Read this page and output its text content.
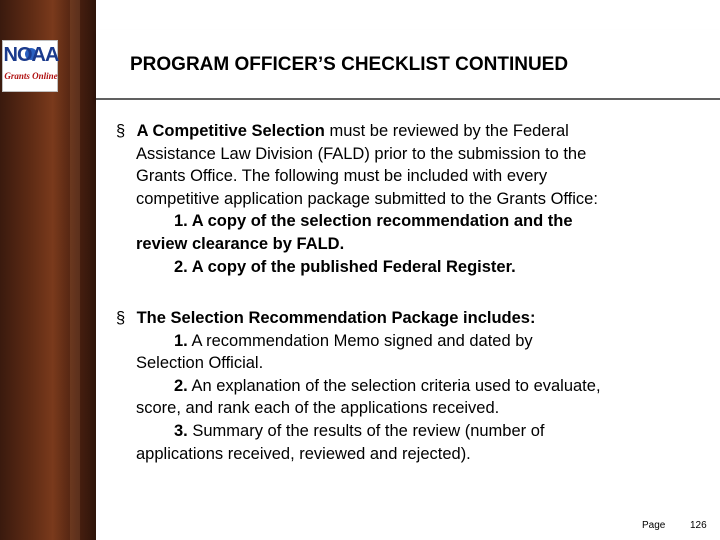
NOAA
Grants Online
PROGRAM OFFICER’S CHECKLIST CONTINUED
§ A Competitive Selection must be reviewed by the Federal
Assistance Law Division (FALD) prior to the submission to the
Grants Office. The following must be included with every
competitive application package submitted to the Grants Office:
1. A copy of the selection recommendation and the
review clearance by FALD.
2. A copy of the published Federal Register.
§ The Selection Recommendation Package includes:
1. A recommendation Memo signed and dated by
Selection Official.
2. An explanation of the selection criteria used to evaluate,
score, and rank each of the applications received.
3. Summary of the results of the review (number of
applications received, reviewed and rejected).
Page 126
